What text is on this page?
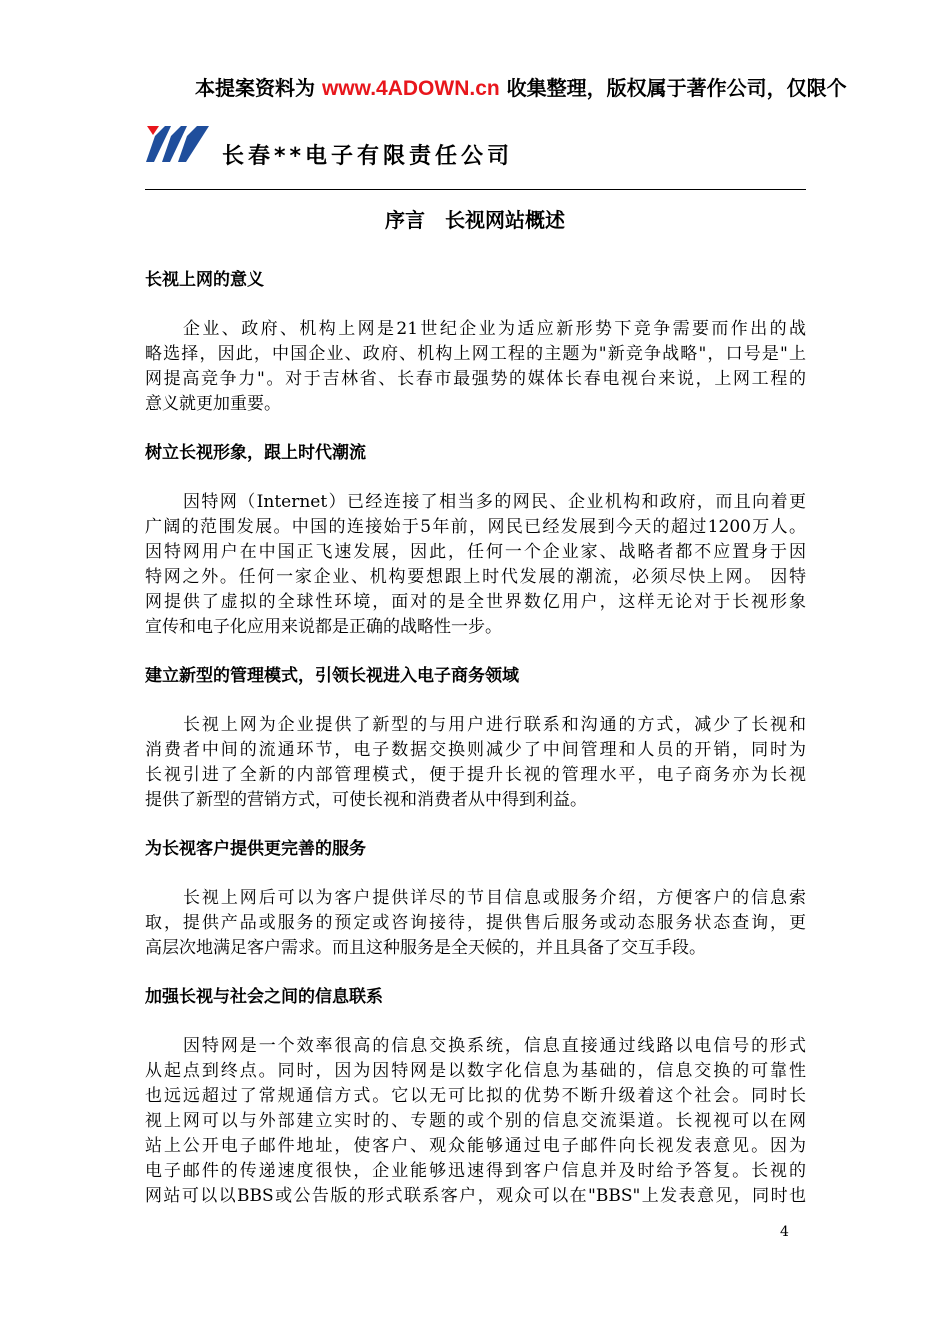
本提案资料为 www.4ADOWN.cn 收集整理，版权属于著作公司，仅限个
长春**电子有限责任公司
序言　长视网站概述
长视上网的意义
企业、政府、机构上网是21世纪企业为适应新形势下竞争需要而作出的战
略选择，因此，中国企业、政府、机构上网工程的主题为"新竞争战略"，口号是"上
网提高竞争力"。对于吉林省、长春市最强势的媒体长春电视台来说，上网工程的
意义就更加重要。
树立长视形象，跟上时代潮流
因特网（Internet）已经连接了相当多的网民、企业机构和政府，而且向着更
广阔的范围发展。中国的连接始于5年前，网民已经发展到今天的超过1200万人。
因特网用户在中国正飞速发展，因此，任何一个企业家、战略者都不应置身于因
特网之外。任何一家企业、机构要想跟上时代发展的潮流，必须尽快上网。 因特
网提供了虚拟的全球性环境，面对的是全世界数亿用户，这样无论对于长视形象
宣传和电子化应用来说都是正确的战略性一步。
建立新型的管理模式，引领长视进入电子商务领域
长视上网为企业提供了新型的与用户进行联系和沟通的方式，减少了长视和
消费者中间的流通环节，电子数据交换则减少了中间管理和人员的开销，同时为
长视引进了全新的内部管理模式，便于提升长视的管理水平，电子商务亦为长视
提供了新型的营销方式，可使长视和消费者从中得到利益。
为长视客户提供更完善的服务
长视上网后可以为客户提供详尽的节目信息或服务介绍，方便客户的信息索
取，提供产品或服务的预定或咨询接待，提供售后服务或动态服务状态查询，更
高层次地满足客户需求。而且这种服务是全天候的，并且具备了交互手段。
加强长视与社会之间的信息联系
因特网是一个效率很高的信息交换系统，信息直接通过线路以电信号的形式
从起点到终点。同时，因为因特网是以数字化信息为基础的，信息交换的可靠性
也远远超过了常规通信方式。它以无可比拟的优势不断升级着这个社会。同时长
视上网可以与外部建立实时的、专题的或个别的信息交流渠道。长视视可以在网
站上公开电子邮件地址，使客户、观众能够通过电子邮件向长视发表意见。因为
电子邮件的传递速度很快，企业能够迅速得到客户信息并及时给予答复。长视的
网站可以以BBS或公告版的形式联系客户，观众可以在"BBS"上发表意见，同时也
4
